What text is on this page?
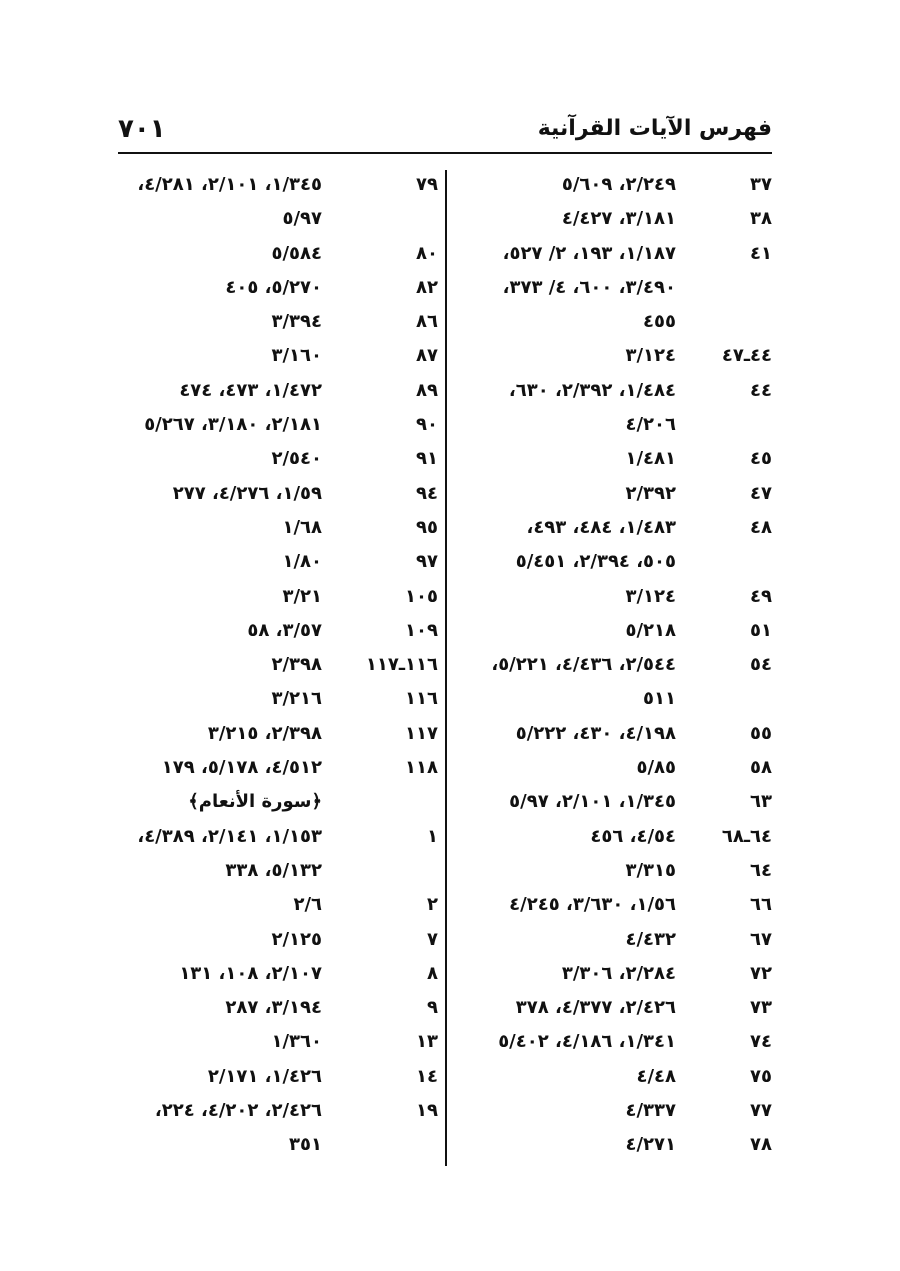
فهرس الآيات القرآنية
٧٠١
٣٧
٢/٢٤٩، ٥/٦٠٩
٣٨
٣/١٨١، ٤/٤٢٧
٤١
١/١٨٧، ١٩٣، ٢/ ٥٢٧،
٣/٤٩٠، ٦٠٠، ٤/ ٣٧٣،
٤٥٥
٤٤ـ٤٧
٣/١٢٤
٤٤
١/٤٨٤، ٢/٣٩٢، ٦٣٠،
٤/٢٠٦
٤٥
١/٤٨١
٤٧
٢/٣٩٢
٤٨
١/٤٨٣، ٤٨٤، ٤٩٣،
٥٠٥، ٢/٣٩٤، ٥/٤٥١
٤٩
٣/١٢٤
٥١
٥/٢١٨
٥٤
٢/٥٤٤، ٤/٤٣٦، ٥/٢٢١،
٥١١
٥٥
٤/١٩٨، ٤٣٠، ٥/٢٢٢
٥٨
٥/٨٥
٦٣
١/٣٤٥، ٢/١٠١، ٥/٩٧
٦٤ـ٦٨
٤/٥٤، ٤٥٦
٦٤
٣/٣١٥
٦٦
١/٥٦، ٣/٦٣٠، ٤/٢٤٥
٦٧
٤/٤٣٢
٧٢
٢/٢٨٤، ٣/٣٠٦
٧٣
٢/٤٢٦، ٤/٣٧٧، ٣٧٨
٧٤
١/٣٤١، ٤/١٨٦، ٥/٤٠٢
٧٥
٤/٤٨
٧٧
٤/٣٣٧
٧٨
٤/٢٧١
٧٩
١/٣٤٥، ٢/١٠١، ٤/٢٨١،
٥/٩٧
٨٠
٥/٥٨٤
٨٢
٥/٢٧٠، ٤٠٥
٨٦
٣/٣٩٤
٨٧
٣/١٦٠
٨٩
١/٤٧٢، ٤٧٣، ٤٧٤
٩٠
٢/١٨١، ٣/١٨٠، ٥/٢٦٧
٩١
٢/٥٤٠
٩٤
١/٥٩، ٤/٢٧٦، ٢٧٧
٩٥
١/٦٨
٩٧
١/٨٠
١٠٥
٣/٢١
١٠٩
٣/٥٧، ٥٨
١١٦ـ١١٧
٢/٣٩٨
١١٦
٣/٢١٦
١١٧
٢/٣٩٨، ٣/٢١٥
١١٨
٤/٥١٢، ٥/١٧٨، ١٧٩
﴿سورة الأنعام﴾
١
١/١٥٣، ٢/١٤١، ٤/٣٨٩،
٥/١٣٢، ٣٣٨
٢
٢/٦
٧
٢/١٢٥
٨
٢/١٠٧، ١٠٨، ١٣١
٩
٣/١٩٤، ٢٨٧
١٣
١/٣٦٠
١٤
١/٤٢٦، ٢/١٧١
١٩
٢/٤٢٦، ٤/٢٠٢، ٢٢٤،
٣٥١
